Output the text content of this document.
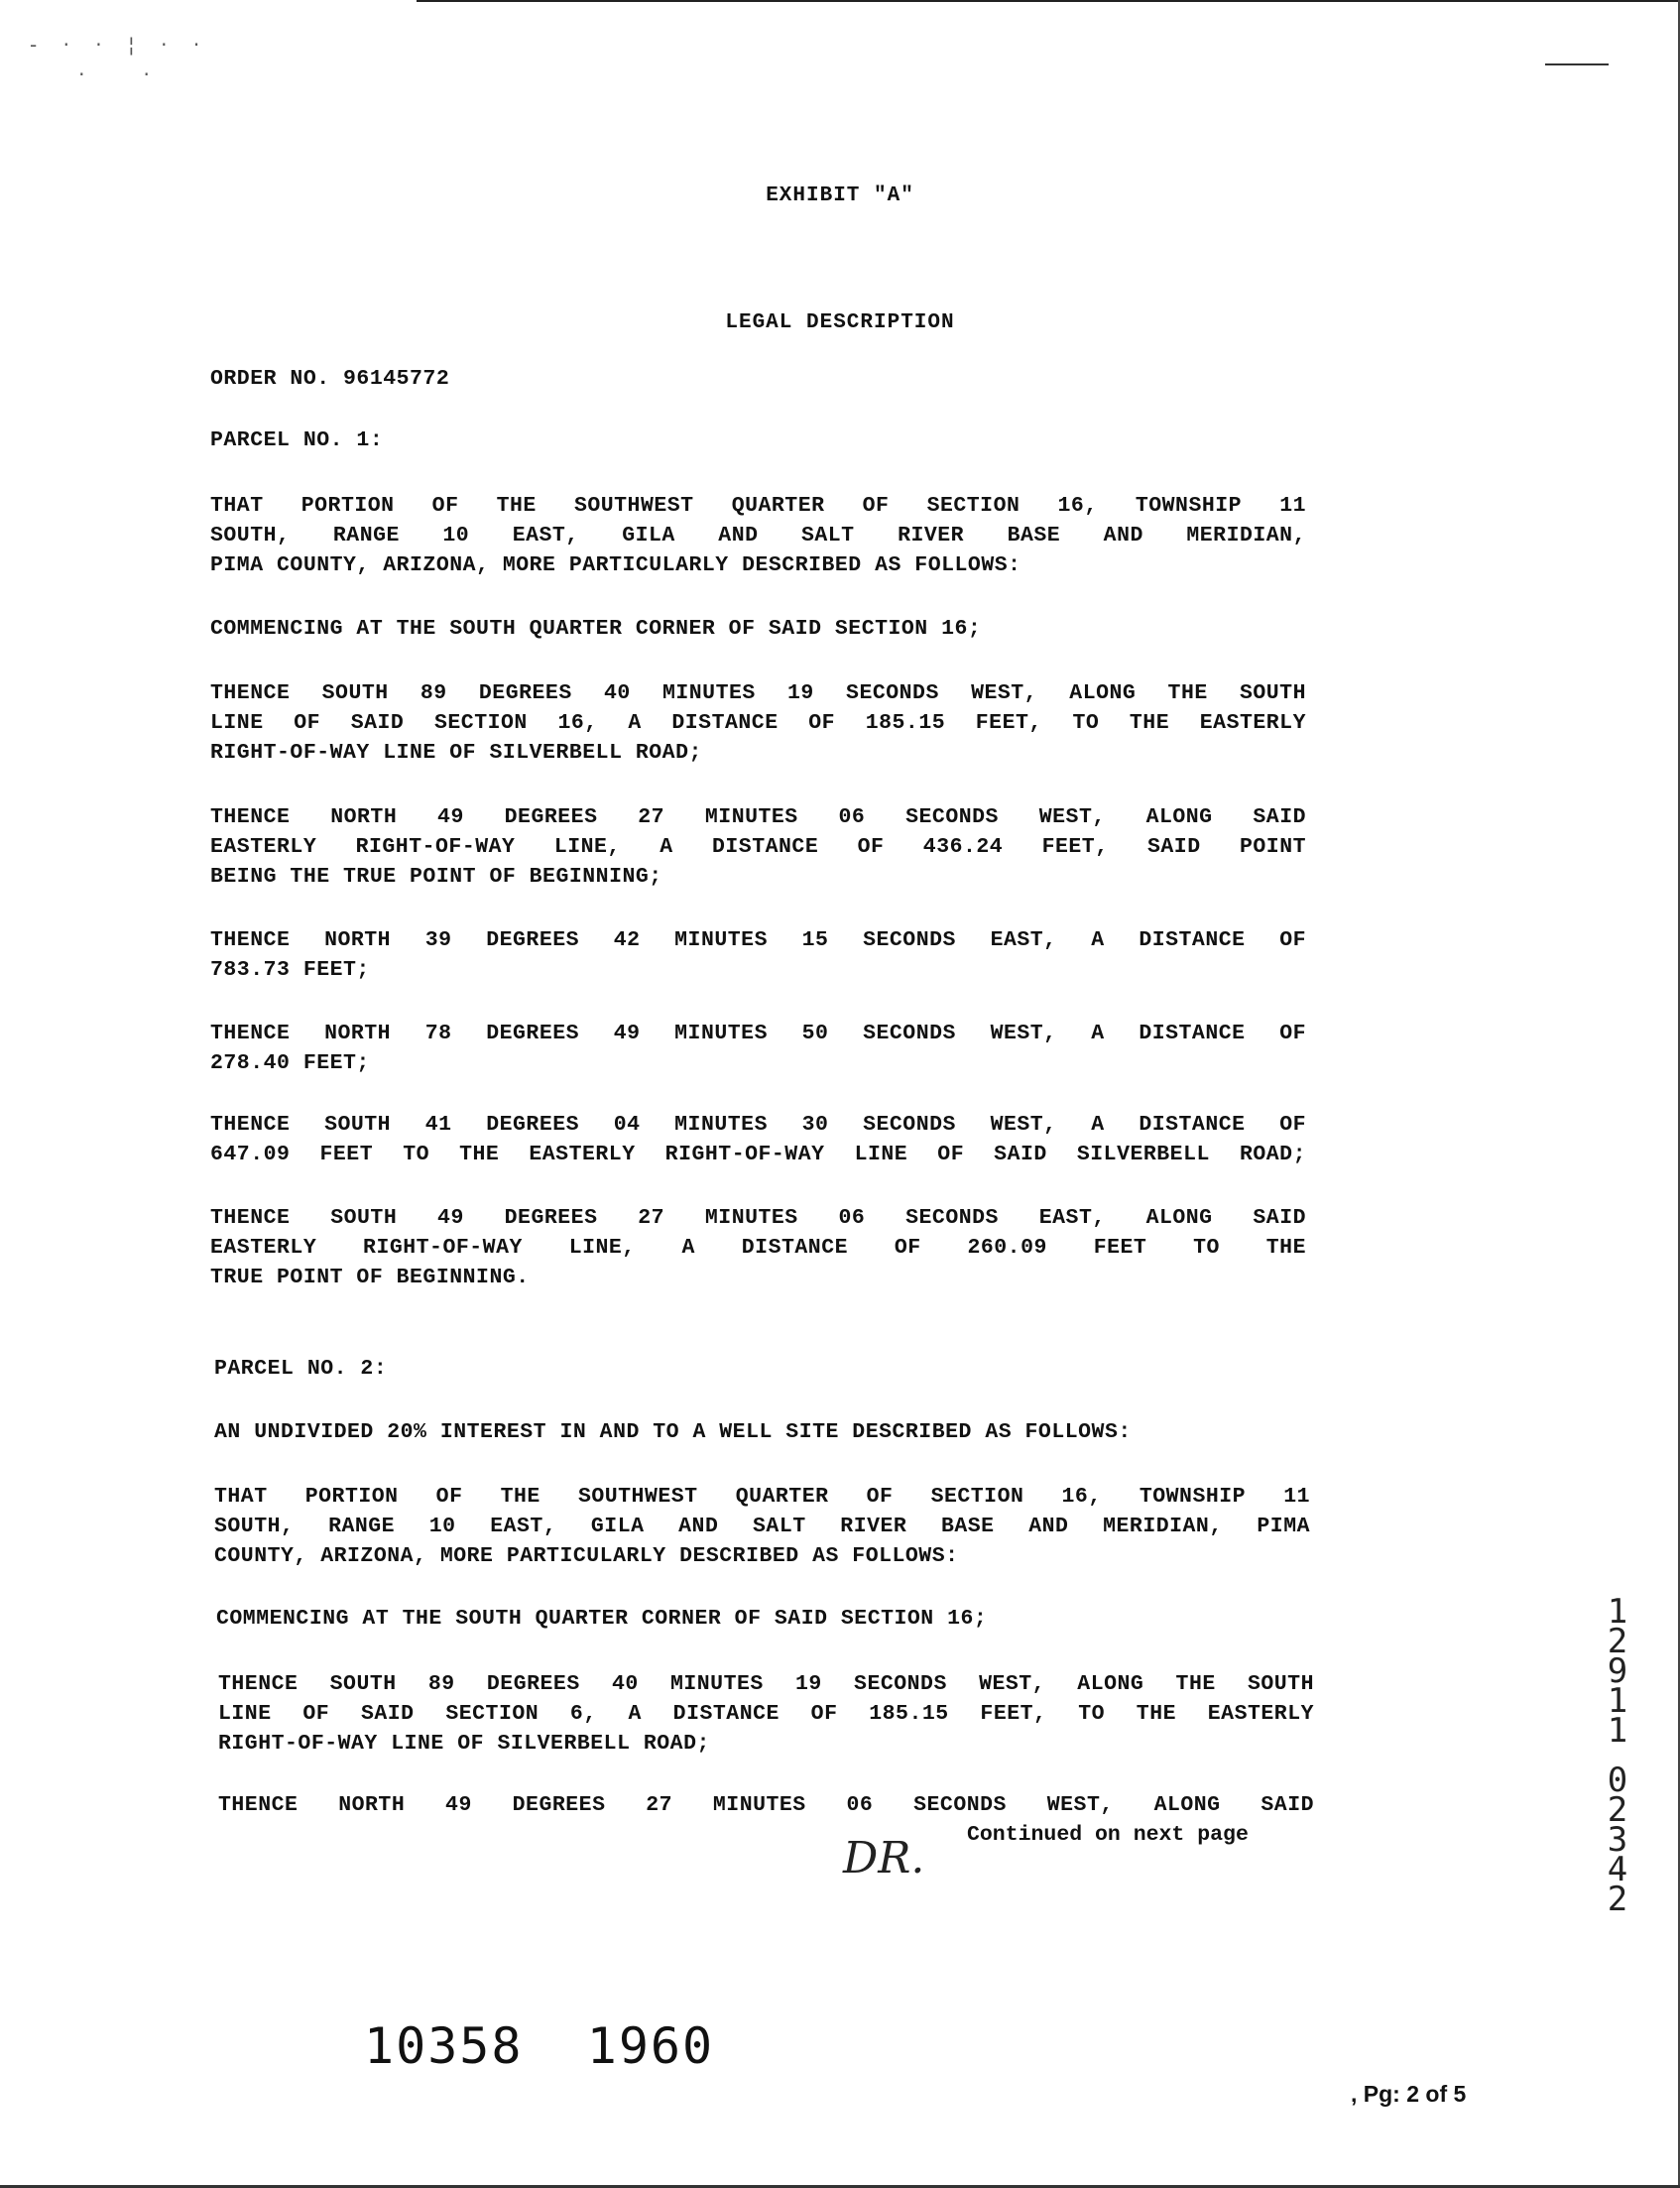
- · · ¦ · ·
·   ·
EXHIBIT "A"
LEGAL DESCRIPTION
ORDER NO. 96145772
PARCEL NO. 1:
THAT PORTION OF THE SOUTHWEST QUARTER OF SECTION 16, TOWNSHIP 11
SOUTH, RANGE 10 EAST, GILA AND SALT RIVER BASE AND MERIDIAN,
PIMA COUNTY, ARIZONA, MORE PARTICULARLY DESCRIBED AS FOLLOWS:
COMMENCING AT THE SOUTH QUARTER CORNER OF SAID SECTION 16;
THENCE SOUTH 89 DEGREES 40 MINUTES 19 SECONDS WEST, ALONG THE SOUTH
LINE OF SAID SECTION 16, A DISTANCE OF 185.15 FEET, TO THE EASTERLY
RIGHT-OF-WAY LINE OF SILVERBELL ROAD;
THENCE NORTH 49 DEGREES 27 MINUTES 06 SECONDS WEST, ALONG SAID
EASTERLY RIGHT-OF-WAY LINE, A DISTANCE OF 436.24 FEET, SAID POINT
BEING THE TRUE POINT OF BEGINNING;
THENCE NORTH 39 DEGREES 42 MINUTES 15 SECONDS EAST, A DISTANCE OF
783.73 FEET;
THENCE NORTH 78 DEGREES 49 MINUTES 50 SECONDS WEST, A DISTANCE OF
278.40 FEET;
THENCE SOUTH 41 DEGREES 04 MINUTES 30 SECONDS WEST, A DISTANCE OF
647.09 FEET TO THE EASTERLY RIGHT-OF-WAY LINE OF SAID SILVERBELL ROAD;
THENCE SOUTH 49 DEGREES 27 MINUTES 06 SECONDS EAST, ALONG SAID
EASTERLY RIGHT-OF-WAY LINE, A DISTANCE OF 260.09 FEET TO THE
TRUE POINT OF BEGINNING.
PARCEL NO. 2:
AN UNDIVIDED 20% INTEREST IN AND TO A WELL SITE DESCRIBED AS FOLLOWS:
THAT PORTION OF THE SOUTHWEST QUARTER OF SECTION 16, TOWNSHIP 11
SOUTH, RANGE 10 EAST, GILA AND SALT RIVER BASE AND MERIDIAN, PIMA
COUNTY, ARIZONA, MORE PARTICULARLY DESCRIBED AS FOLLOWS:
COMMENCING AT THE SOUTH QUARTER CORNER OF SAID SECTION 16;
THENCE SOUTH 89 DEGREES 40 MINUTES 19 SECONDS WEST, ALONG THE SOUTH
LINE OF SAID SECTION 6, A DISTANCE OF 185.15 FEET, TO THE EASTERLY
RIGHT-OF-WAY LINE OF SILVERBELL ROAD;
THENCE NORTH 49 DEGREES 27 MINUTES 06 SECONDS WEST, ALONG SAID
DR. Continued on next page
10358  1960
, Pg: 2 of 5
12911
02342
